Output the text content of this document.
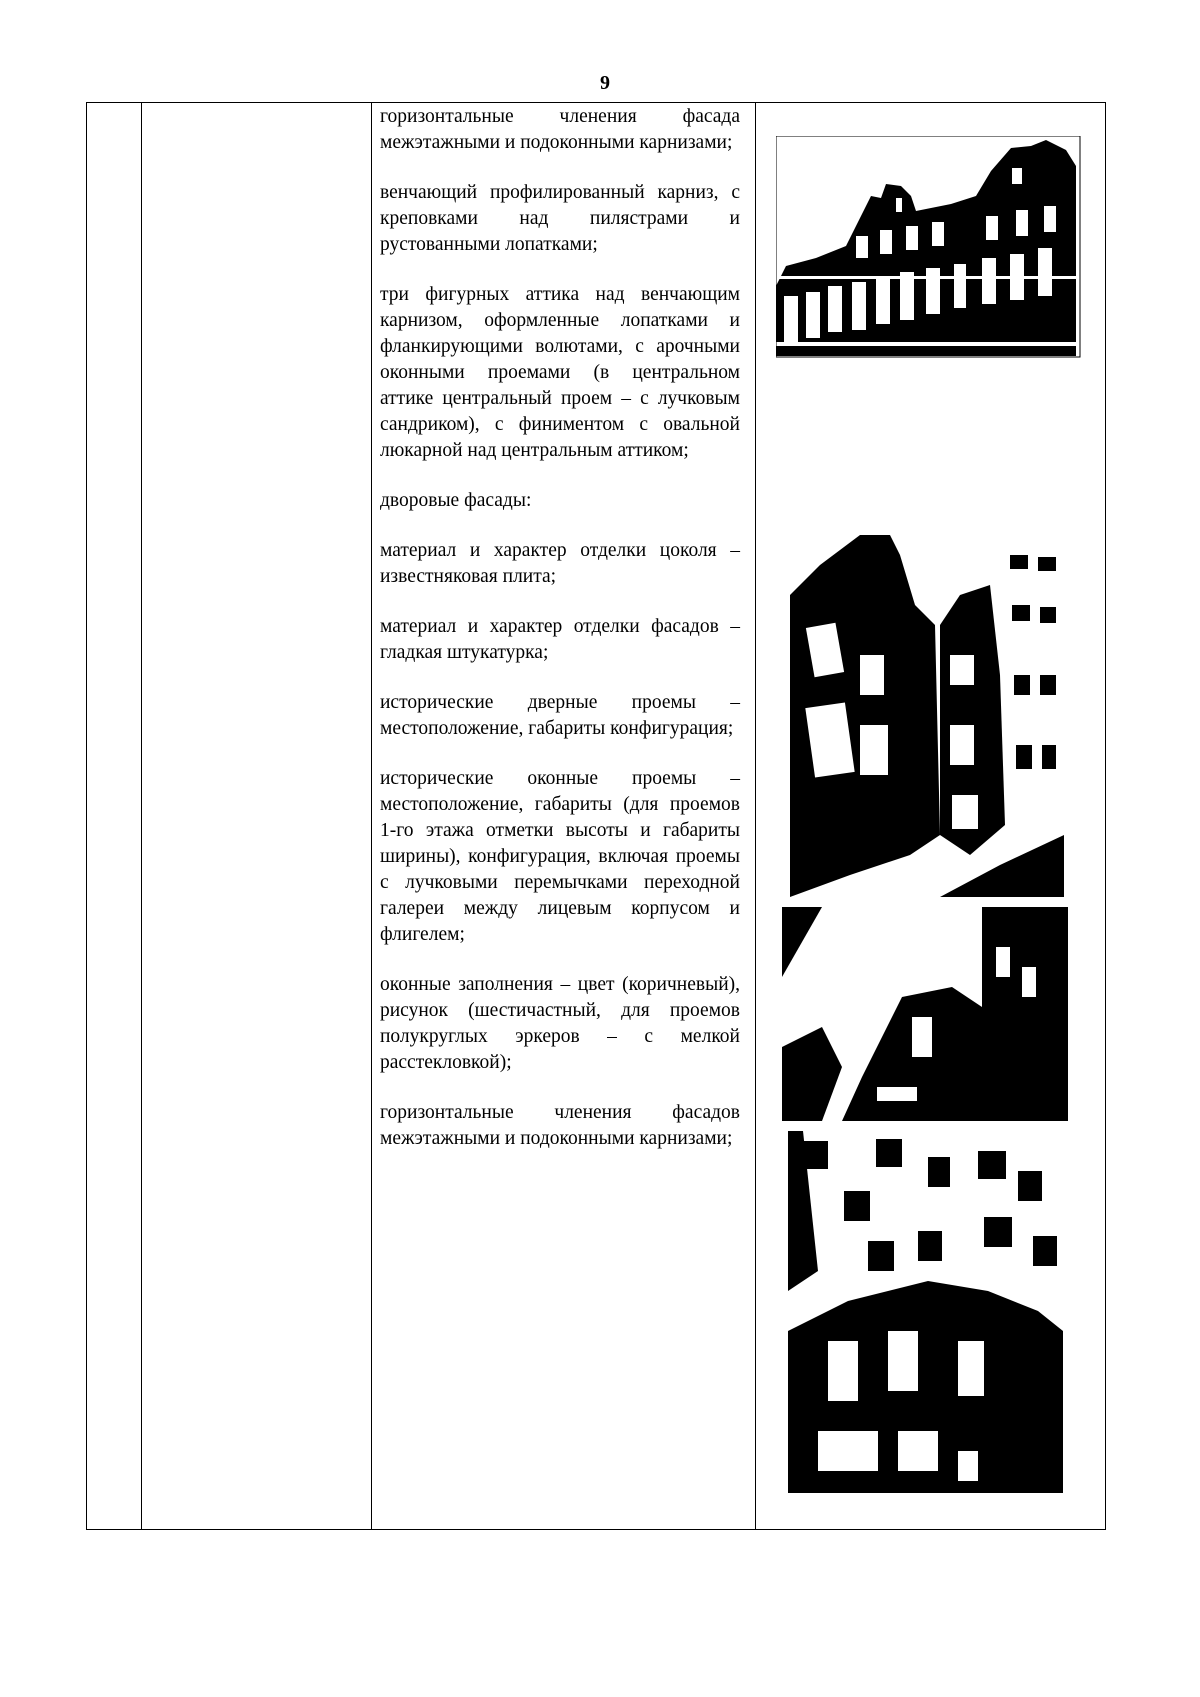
9

горизонтальные членения фасада межэтажными и подоконными карнизами;

венчающий профилированный карниз, с креповками над пилястрами и рустованными лопатками;

три фигурных аттика над венчающим карнизом, оформленные лопатками и фланкирующими волютами, с арочными оконными проемами (в центральном аттике центральный проем – с лучковым сандриком), с финиментом с овальной люкарной над центральным аттиком;

дворовые фасады:

материал и характер отделки цоколя – известняковая плита;

материал и характер отделки фасадов – гладкая штукатурка;

исторические дверные проемы – местоположение, габариты конфигурация;

исторические оконные проемы – местоположение, габариты (для проемов 1-го этажа отметки высоты и габариты ширины), конфигурация, включая проемы с лучковыми перемычками переходной галереи между лицевым корпусом и флигелем;

оконные заполнения – цвет (коричневый), рисунок (шестичастный, для проемов полукруглых эркеров – с мелкой расстекловкой);

горизонтальные членения фасадов межэтажными и подоконными карнизами;
